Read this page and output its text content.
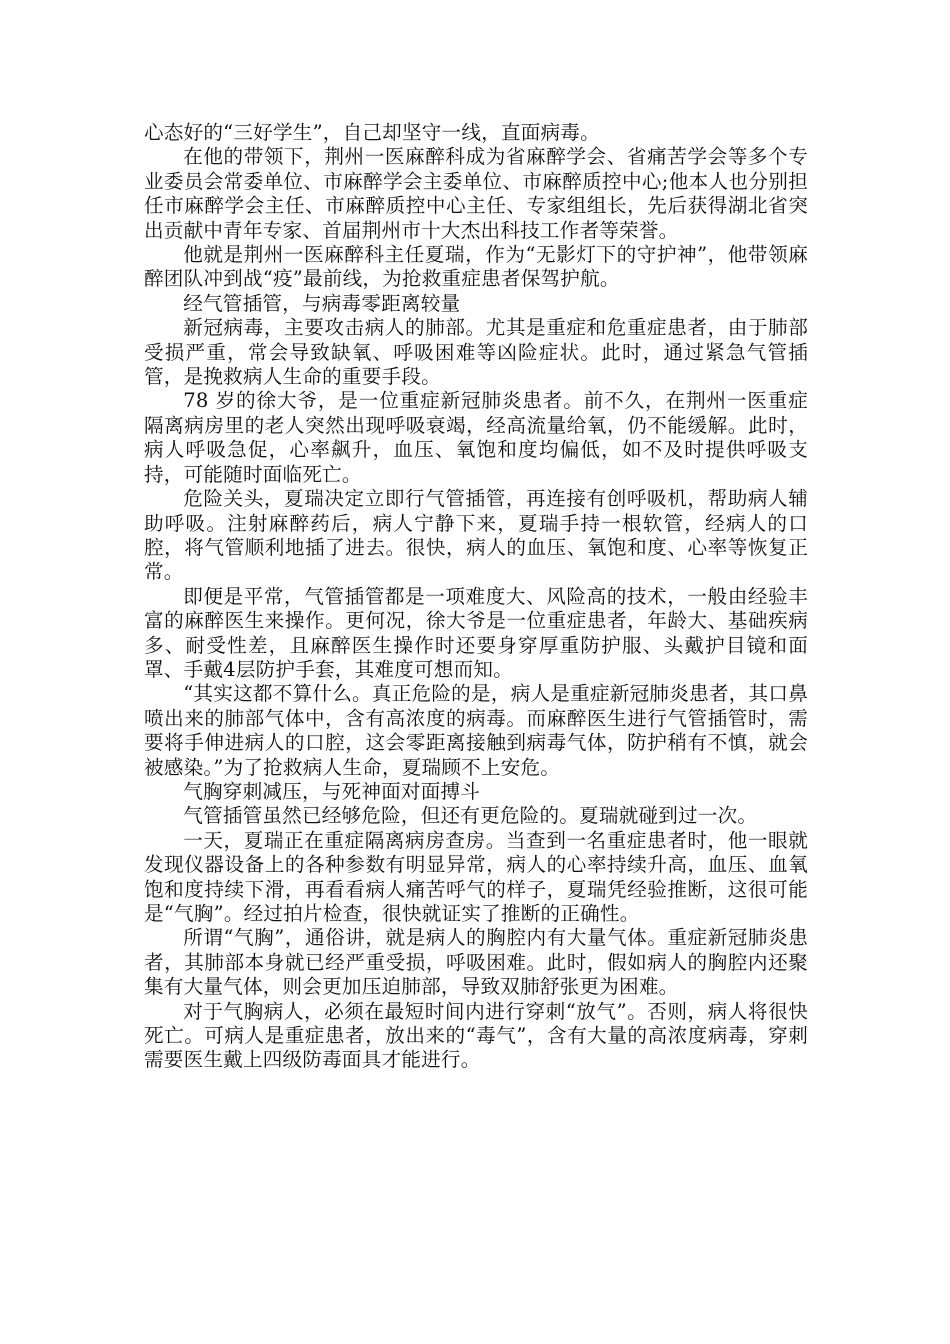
心态好的“三好学生”，自己却坚守一线，直面病毒。

在他的带领下，荆州一医麻醉科成为省麻醉学会、省痛苦学会等多个专业委员会常委单位、市麻醉学会主委单位、市麻醉质控中心;他本人也分别担任市麻醉学会主任、市麻醉质控中心主任、专家组组长，先后获得湖北省突出贡献中青年专家、首届荆州市十大杰出科技工作者等荣誉。

他就是荆州一医麻醉科主任夏瑞，作为“无影灯下的守护神”，他带领麻醉团队冲到战“疫”最前线，为抢救重症患者保驾护航。

经气管插管，与病毒零距离较量

新冠病毒，主要攻击病人的肺部。尤其是重症和危重症患者，由于肺部受损严重，常会导致缺氧、呼吸困难等凶险症状。此时，通过紧急气管插管，是挽救病人生命的重要手段。

78 岁的徐大爷，是一位重症新冠肺炎患者。前不久，在荆州一医重症隔离病房里的老人突然出现呼吸衰竭，经高流量给氧，仍不能缓解。此时，病人呼吸急促，心率飙升，血压、氧饱和度均偏低，如不及时提供呼吸支持，可能随时面临死亡。

危险关头，夏瑞决定立即行气管插管，再连接有创呼吸机，帮助病人辅助呼吸。注射麻醉药后，病人宁静下来，夏瑞手持一根软管，经病人的口腔，将气管顺利地插了进去。很快，病人的血压、氧饱和度、心率等恢复正常。

即便是平常，气管插管都是一项难度大、风险高的技术，一般由经验丰富的麻醉医生来操作。更何况，徐大爷是一位重症患者，年龄大、基础疾病多、耐受性差，且麻醉医生操作时还要身穿厚重防护服、头戴护目镜和面罩、手戴4层防护手套，其难度可想而知。

“其实这都不算什么。真正危险的是，病人是重症新冠肺炎患者，其口鼻喷出来的肺部气体中，含有高浓度的病毒。而麻醉医生进行气管插管时，需要将手伸进病人的口腔，这会零距离接触到病毒气体，防护稍有不慎，就会被感染。”为了抢救病人生命，夏瑞顾不上安危。

气胸穿刺减压，与死神面对面搏斗

气管插管虽然已经够危险，但还有更危险的。夏瑞就碰到过一次。

一天，夏瑞正在重症隔离病房查房。当查到一名重症患者时，他一眼就发现仪器设备上的各种参数有明显异常，病人的心率持续升高，血压、血氧饱和度持续下滑，再看看病人痛苦呼气的样子，夏瑞凭经验推断，这很可能是“气胸”。经过拍片检查，很快就证实了推断的正确性。

所谓“气胸”，通俗讲，就是病人的胸腔内有大量气体。重症新冠肺炎患者，其肺部本身就已经严重受损，呼吸困难。此时，假如病人的胸腔内还聚集有大量气体，则会更加压迫肺部，导致双肺舒张更为困难。

对于气胸病人，必须在最短时间内进行穿刺“放气”。否则，病人将很快死亡。可病人是重症患者，放出来的“毒气”，含有大量的高浓度病毒，穿刺需要医生戴上四级防毒面具才能进行。
